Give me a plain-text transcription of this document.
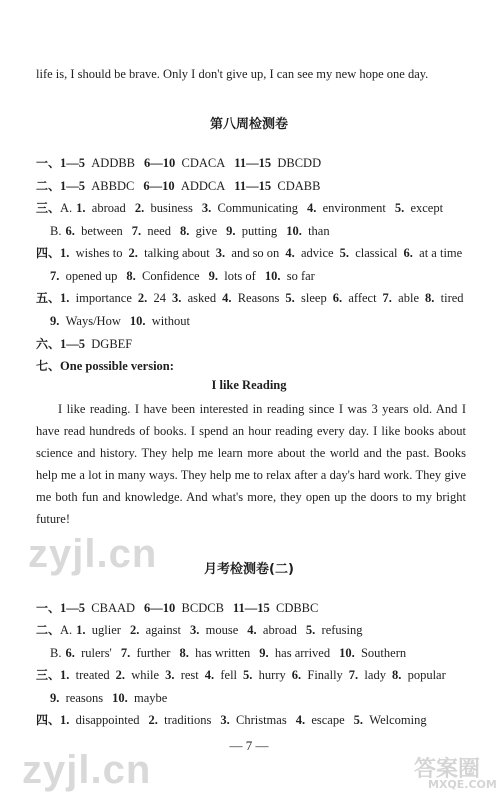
life is, I should be brave. Only I don't give up, I can see my new hope one day.
第八周检测卷
一、1—5  ADDBB 6—10  CDACA 11—15  DBCDD
二、1—5  ABBDC 6—10  ADDCA 11—15  CDABB
三、A. 1.  abroad 2.  business 3.  Communicating 4.  environment 5.  except
B. 6.  between 7.  need 8.  give 9.  putting 10.  than
四、1.  wishes to 2.  talking about 3.  and so on 4.  advice 5.  classical 6.  at a time
7.  opened up 8.  Confidence 9.  lots of 10.  so far
五、1.  importance 2.  24 3.  asked 4.  Reasons 5.  sleep 6.  affect 7.  able 8.  tired
9.  Ways/How 10.  without
六、1—5  DGBEF
七、One possible version:
I like Reading
I like reading. I have been interested in reading since I was 3 years old. And I have read hundreds of books. I spend an hour reading every day. I like books about science and history. They help me learn more about the world and the past. Books help me a lot in many ways. They help me to relax after a day's hard work. They give me both fun and knowledge. And what's more, they open up the doors to my bright future!
zyjl.cn	月考检测卷(二)
一、1—5  CBAAD 6—10  BCDCB 11—15  CDBBC
二、A. 1.  uglier 2.  against 3.  mouse 4.  abroad 5.  refusing
B. 6.  rulers' 7.  further 8.  has written 9.  has arrived 10.  Southern
三、1.  treated 2.  while 3.  rest 4.  fell 5.  hurry 6.  Finally 7.  lady 8.  popular
9.  reasons 10.  maybe
四、1.  disappointed 2.  traditions 3.  Christmas 4.  escape 5.  Welcoming
— 7 —
zyjl.cn	答案圈
MXQE.COM
